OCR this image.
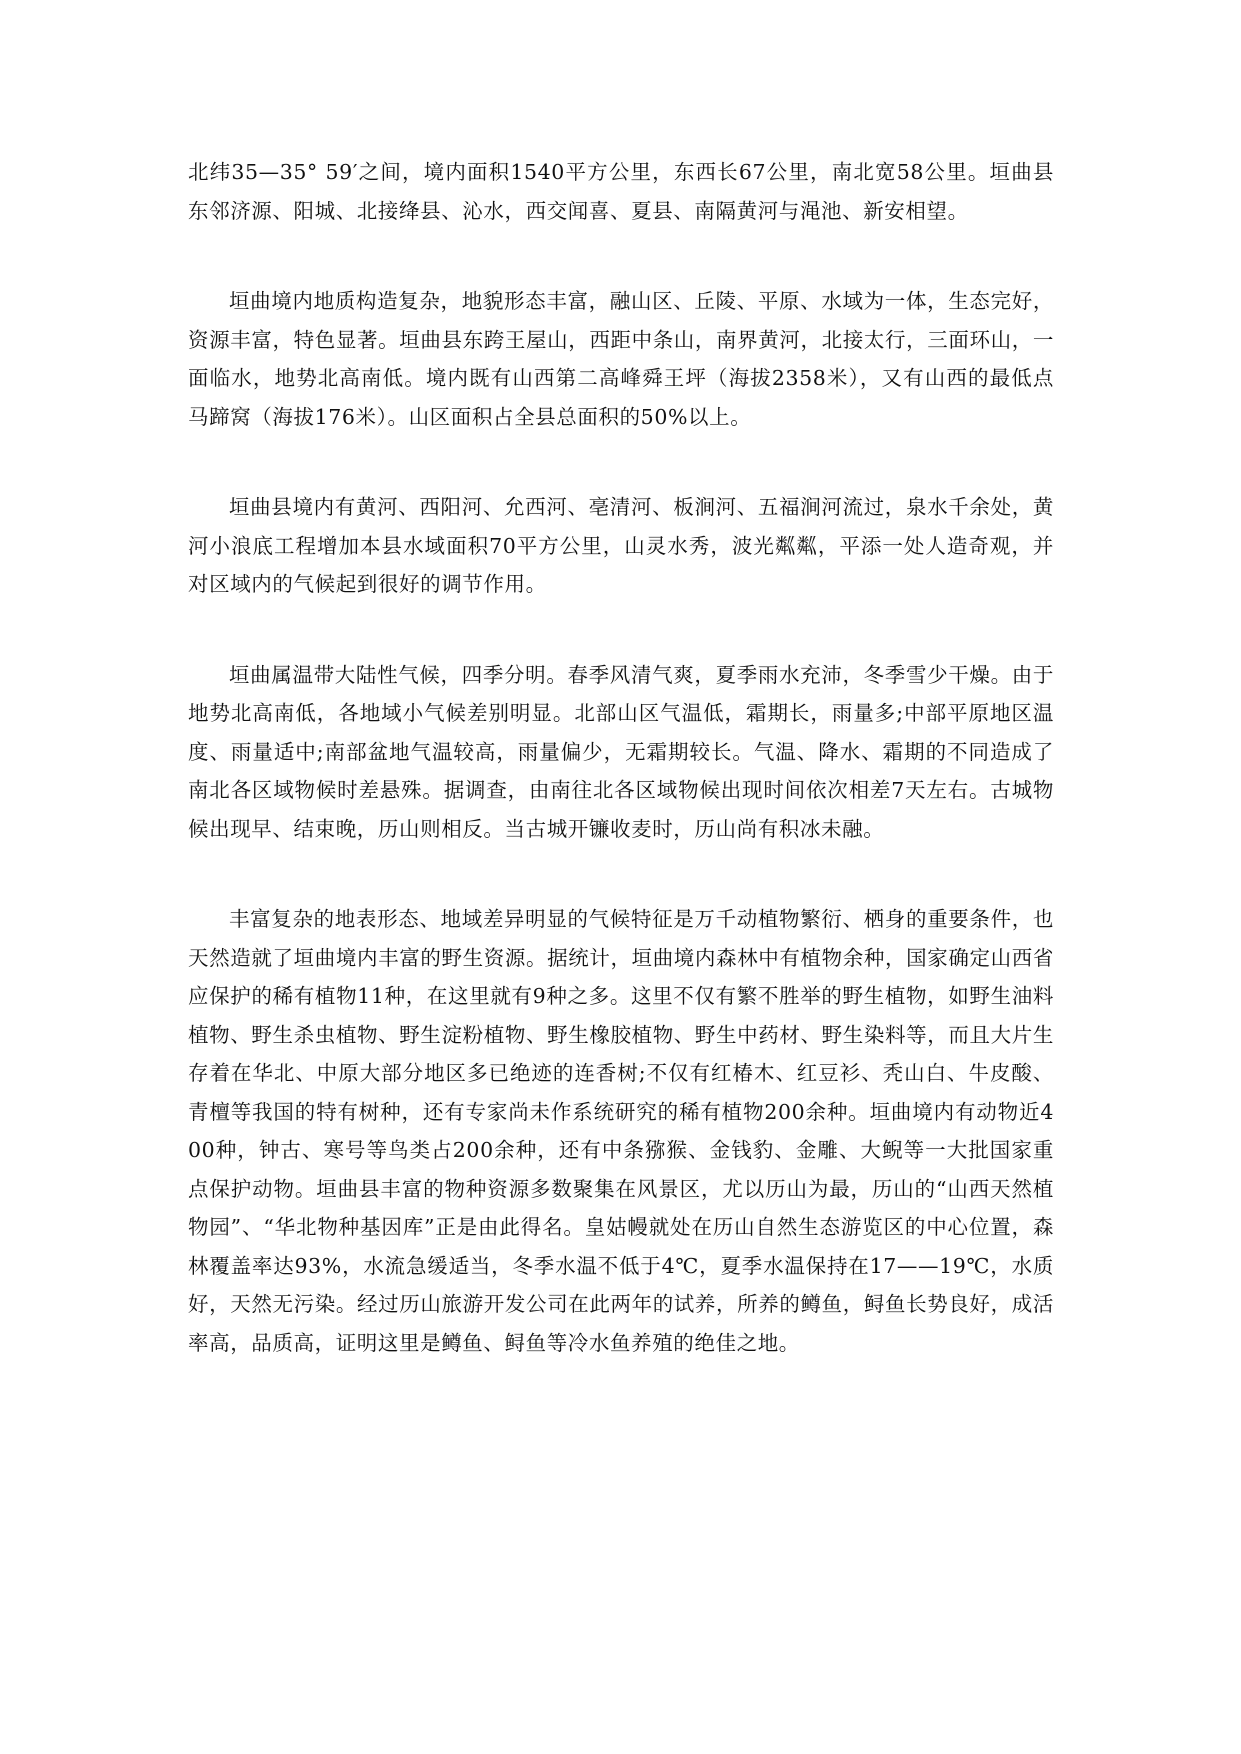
北纬35—35° 59′之间，境内面积1540平方公里，东西长67公里，南北宽58公里。垣曲县东邻济源、阳城、北接绛县、沁水，西交闻喜、夏县、南隔黄河与渑池、新安相望。

垣曲境内地质构造复杂，地貌形态丰富，融山区、丘陵、平原、水域为一体，生态完好，资源丰富，特色显著。垣曲县东跨王屋山，西距中条山，南界黄河，北接太行，三面环山，一面临水，地势北高南低。境内既有山西第二高峰舜王坪（海拔2358米），又有山西的最低点马蹄窝（海拔176米）。山区面积占全县总面积的50%以上。

垣曲县境内有黄河、西阳河、允西河、亳清河、板涧河、五福涧河流过，泉水千余处，黄河小浪底工程增加本县水域面积70平方公里，山灵水秀，波光粼粼，平添一处人造奇观，并对区域内的气候起到很好的调节作用。

垣曲属温带大陆性气候，四季分明。春季风清气爽，夏季雨水充沛，冬季雪少干燥。由于地势北高南低，各地域小气候差别明显。北部山区气温低，霜期长，雨量多;中部平原地区温度、雨量适中;南部盆地气温较高，雨量偏少，无霜期较长。气温、降水、霜期的不同造成了南北各区域物候时差悬殊。据调查，由南往北各区域物候出现时间依次相差7天左右。古城物候出现早、结束晚，历山则相反。当古城开镰收麦时，历山尚有积冰未融。

丰富复杂的地表形态、地域差异明显的气候特征是万千动植物繁衍、栖身的重要条件，也天然造就了垣曲境内丰富的野生资源。据统计，垣曲境内森林中有植物余种，国家确定山西省应保护的稀有植物11种，在这里就有9种之多。这里不仅有繁不胜举的野生植物，如野生油料植物、野生杀虫植物、野生淀粉植物、野生橡胶植物、野生中药材、野生染料等，而且大片生存着在华北、中原大部分地区多已绝迹的连香树;不仅有红椿木、红豆衫、秃山白、牛皮酸、青檀等我国的特有树种，还有专家尚未作系统研究的稀有植物200余种。垣曲境内有动物近400种，钟古、寒号等鸟类占200余种，还有中条猕猴、金钱豹、金雕、大鲵等一大批国家重点保护动物。垣曲县丰富的物种资源多数聚集在风景区，尤以历山为最，历山的“山西天然植物园”、“华北物种基因库”正是由此得名。皇姑幔就处在历山自然生态游览区的中心位置，森林覆盖率达93%，水流急缓适当，冬季水温不低于4℃，夏季水温保持在17——19℃，水质好，天然无污染。经过历山旅游开发公司在此两年的试养，所养的鳟鱼，鲟鱼长势良好，成活率高，品质高，证明这里是鳟鱼、鲟鱼等冷水鱼养殖的绝佳之地。
